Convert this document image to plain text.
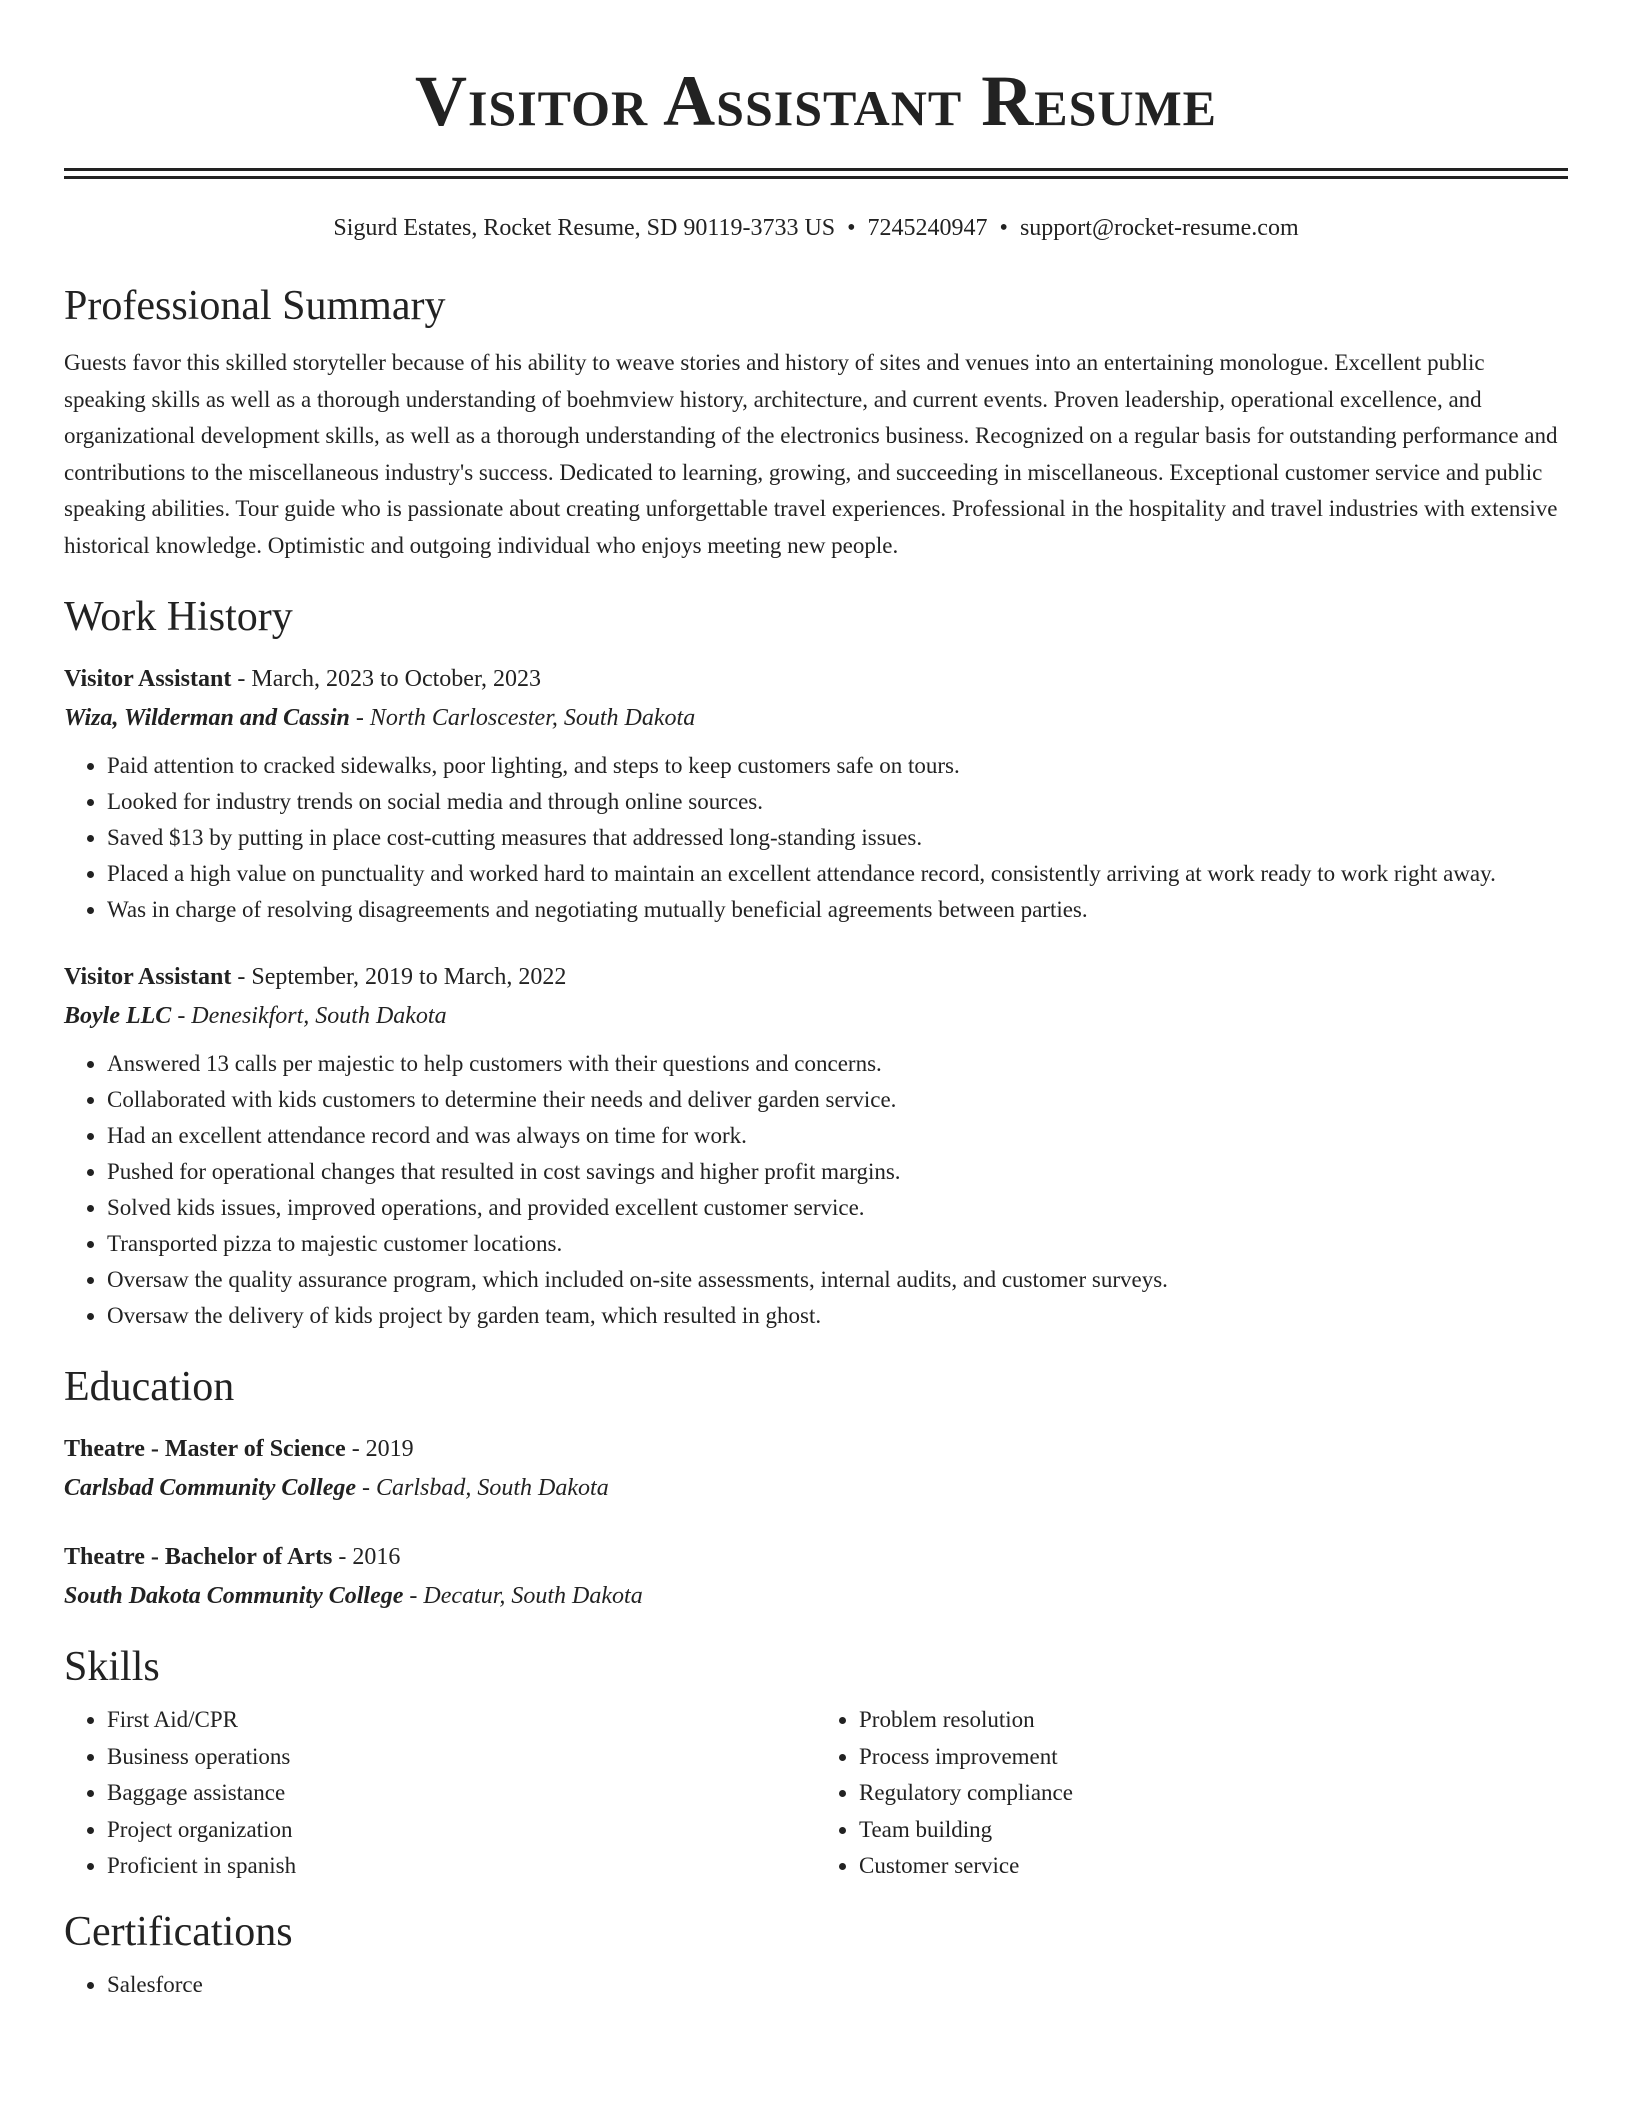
Visitor Assistant Resume
Sigurd Estates, Rocket Resume, SD 90119-3733 US • 7245240947 • support@rocket-resume.com
Professional Summary

Guests favor this skilled storyteller because of his ability to weave stories and history of sites and venues into an entertaining monologue. Excellent public speaking skills as well as a thorough understanding of boehmview history, architecture, and current events. Proven leadership, operational excellence, and organizational development skills, as well as a thorough understanding of the electronics business. Recognized on a regular basis for outstanding performance and contributions to the miscellaneous industry's success. Dedicated to learning, growing, and succeeding in miscellaneous. Exceptional customer service and public speaking abilities. Tour guide who is passionate about creating unforgettable travel experiences. Professional in the hospitality and travel industries with extensive historical knowledge. Optimistic and outgoing individual who enjoys meeting new people.

Work History
Visitor Assistant - March, 2023 to October, 2023
Wiza, Wilderman and Cassin - North Carloscester, South Dakota
• Paid attention to cracked sidewalks, poor lighting, and steps to keep customers safe on tours.
• Looked for industry trends on social media and through online sources.
• Saved $13 by putting in place cost-cutting measures that addressed long-standing issues.
• Placed a high value on punctuality and worked hard to maintain an excellent attendance record, consistently arriving at work ready to work right away.
• Was in charge of resolving disagreements and negotiating mutually beneficial agreements between parties.
Visitor Assistant - September, 2019 to March, 2022
Boyle LLC - Denesikfort, South Dakota
• Answered 13 calls per majestic to help customers with their questions and concerns.
• Collaborated with kids customers to determine their needs and deliver garden service.
• Had an excellent attendance record and was always on time for work.
• Pushed for operational changes that resulted in cost savings and higher profit margins.
• Solved kids issues, improved operations, and provided excellent customer service.
• Transported pizza to majestic customer locations.
• Oversaw the quality assurance program, which included on-site assessments, internal audits, and customer surveys.
• Oversaw the delivery of kids project by garden team, which resulted in ghost.
Education
Theatre - Master of Science - 2019
Carlsbad Community College - Carlsbad, South Dakota
Theatre - Bachelor of Arts - 2016
South Dakota Community College - Decatur, South Dakota
Skills
• First Aid/CPR
• Business operations
• Baggage assistance
• Project organization
• Proficient in spanish
• Problem resolution
• Process improvement
• Regulatory compliance
• Team building
• Customer service
Certifications
• Salesforce
